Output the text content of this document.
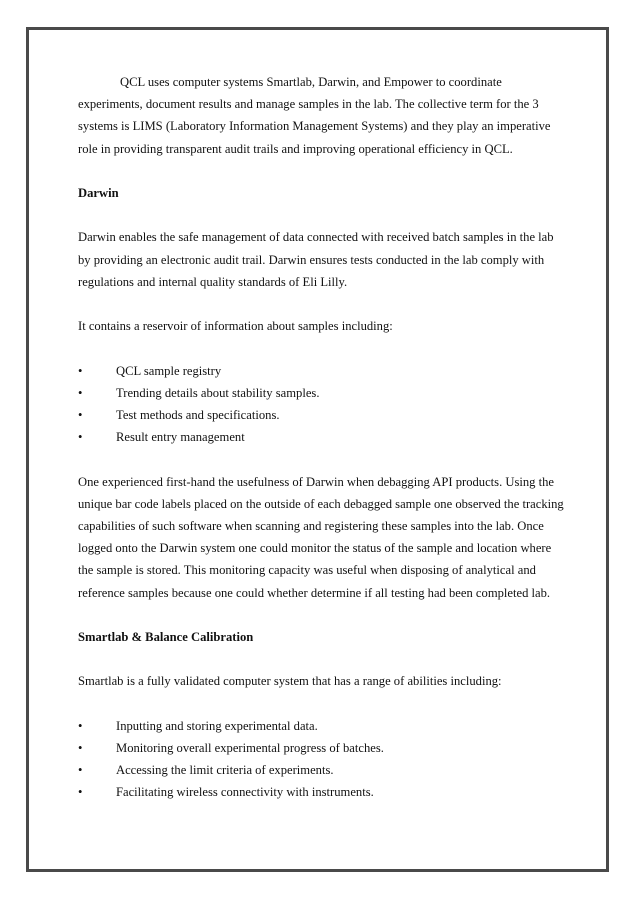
QCL uses computer systems Smartlab, Darwin, and Empower to coordinate experiments, document results and manage samples in the lab. The collective term for the 3 systems is LIMS (Laboratory Information Management Systems) and they play an imperative role in providing transparent audit trails and improving operational efficiency in QCL.

Darwin

Darwin enables the safe management of data connected with received batch samples in the lab by providing an electronic audit trail. Darwin ensures tests conducted in the lab comply with regulations and internal quality standards of Eli Lilly.

It contains a reservoir of information about samples including:

•	QCL sample registry
•	Trending details about stability samples.
•	Test methods and specifications.
•	Result entry management

One experienced first-hand the usefulness of Darwin when debagging API products. Using the unique bar code labels placed on the outside of each debagged sample one observed the tracking capabilities of such software when scanning and registering these samples into the lab. Once logged onto the Darwin system one could monitor the status of the sample and location where the sample is stored. This monitoring capacity was useful when disposing of analytical and reference samples because one could whether determine if all testing had been completed lab.

Smartlab & Balance Calibration

Smartlab is a fully validated computer system that has a range of abilities including:

•	Inputting and storing experimental data.
•	Monitoring overall experimental progress of batches.
•	Accessing the limit criteria of experiments.
•	Facilitating wireless connectivity with instruments.
